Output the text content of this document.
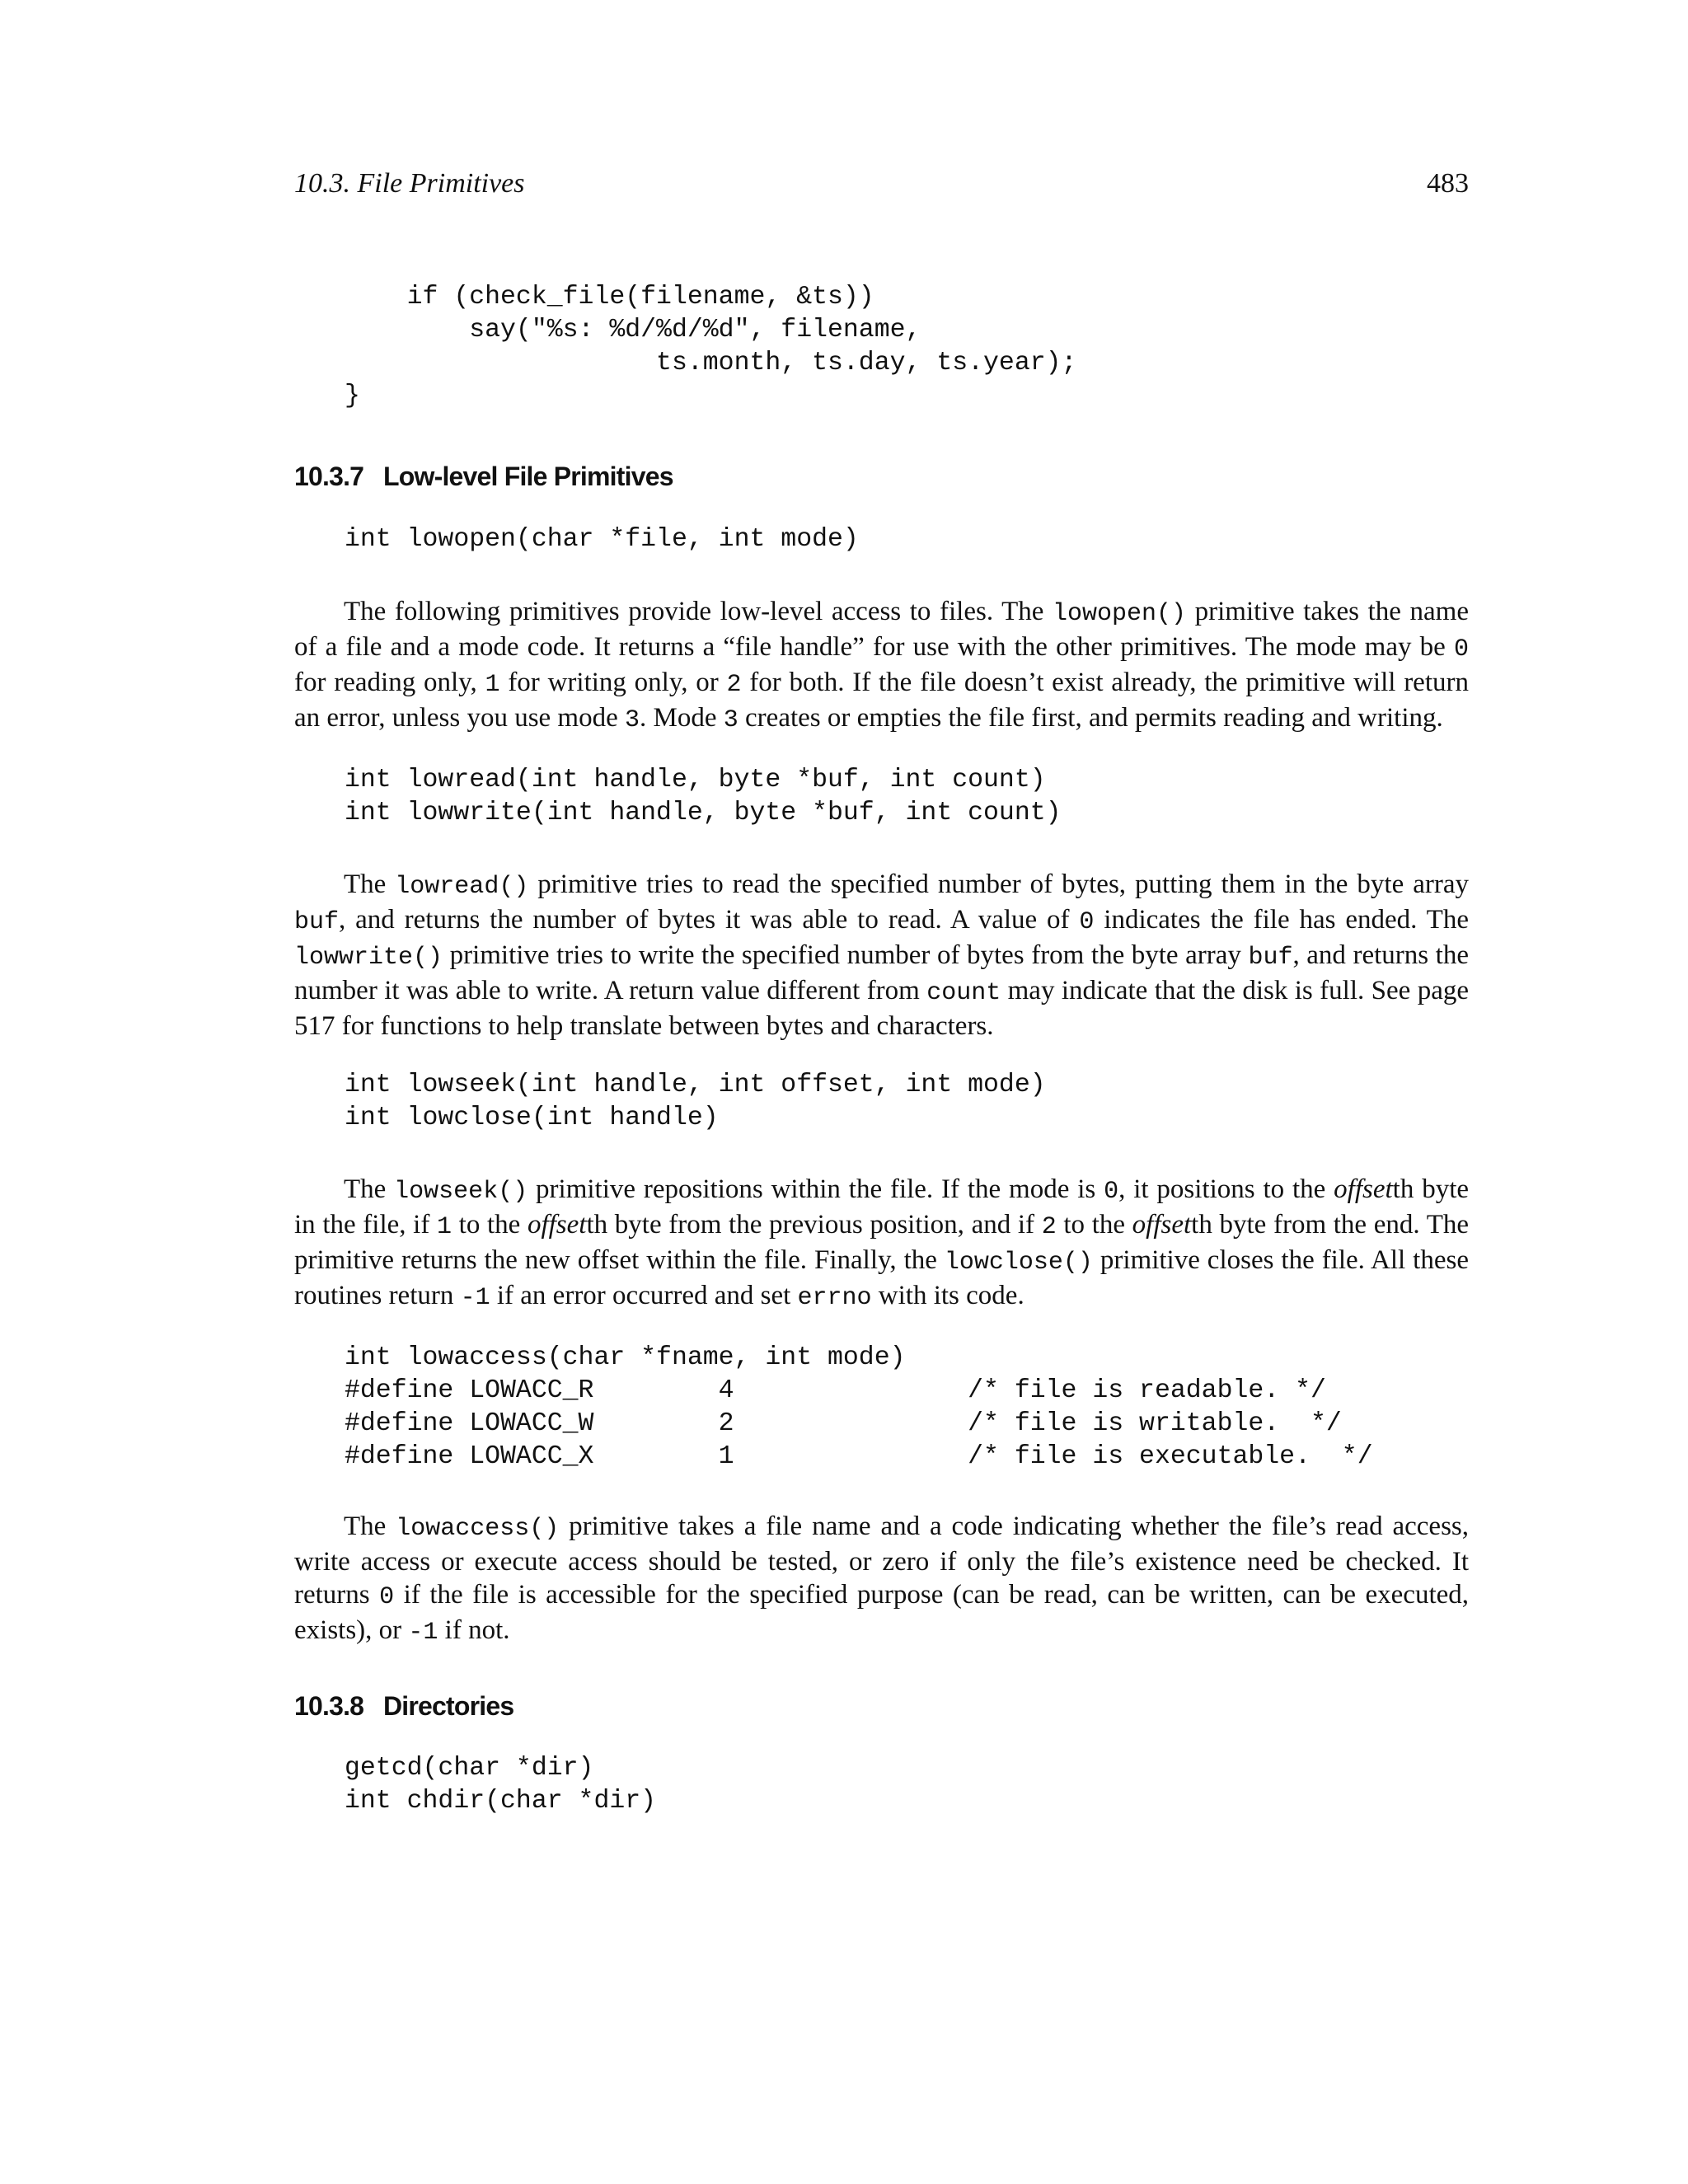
10.3. File Primitives	483
if (check_file(filename, &ts))
say("%s: %d/%d/%d", filename,
ts.month, ts.day, ts.year);
}
10.3.7 Low-level File Primitives
int lowopen(char *file, int mode)

The following primitives provide low-level access to files. The lowopen() primitive takes the name of a file and a mode code. It returns a “file handle” for use with the other primitives. The mode may be 0 for reading only, 1 for writing only, or 2 for both. If the file doesn’t exist already, the primitive will return an error, unless you use mode 3. Mode 3 creates or empties the file first, and permits reading and writing.

int lowread(int handle, byte *buf, int count)
int lowwrite(int handle, byte *buf, int count)

The lowread() primitive tries to read the specified number of bytes, putting them in the byte array buf, and returns the number of bytes it was able to read. A value of 0 indicates the file has ended. The lowwrite() primitive tries to write the specified number of bytes from the byte array buf, and returns the number it was able to write. A return value different from count may indicate that the disk is full. See page 517 for functions to help translate between bytes and characters.

int lowseek(int handle, int offset, int mode)
int lowclose(int handle)

The lowseek() primitive repositions within the file. If the mode is 0, it positions to the offsetth byte in the file, if 1 to the offsetth byte from the previous position, and if 2 to the offsetth byte from the end. The primitive returns the new offset within the file. Finally, the lowclose() primitive closes the file. All these routines return -1 if an error occurred and set errno with its code.

int lowaccess(char *fname, int mode)
#define LOWACC_R        4               /* file is readable. */
#define LOWACC_W        2               /* file is writable.  */
#define LOWACC_X        1               /* file is executable.  */

The lowaccess() primitive takes a file name and a code indicating whether the file’s read access, write access or execute access should be tested, or zero if only the file’s existence need be checked. It returns 0 if the file is accessible for the specified purpose (can be read, can be written, can be executed, exists), or -1 if not.

10.3.8 Directories
getcd(char *dir)
int chdir(char *dir)
